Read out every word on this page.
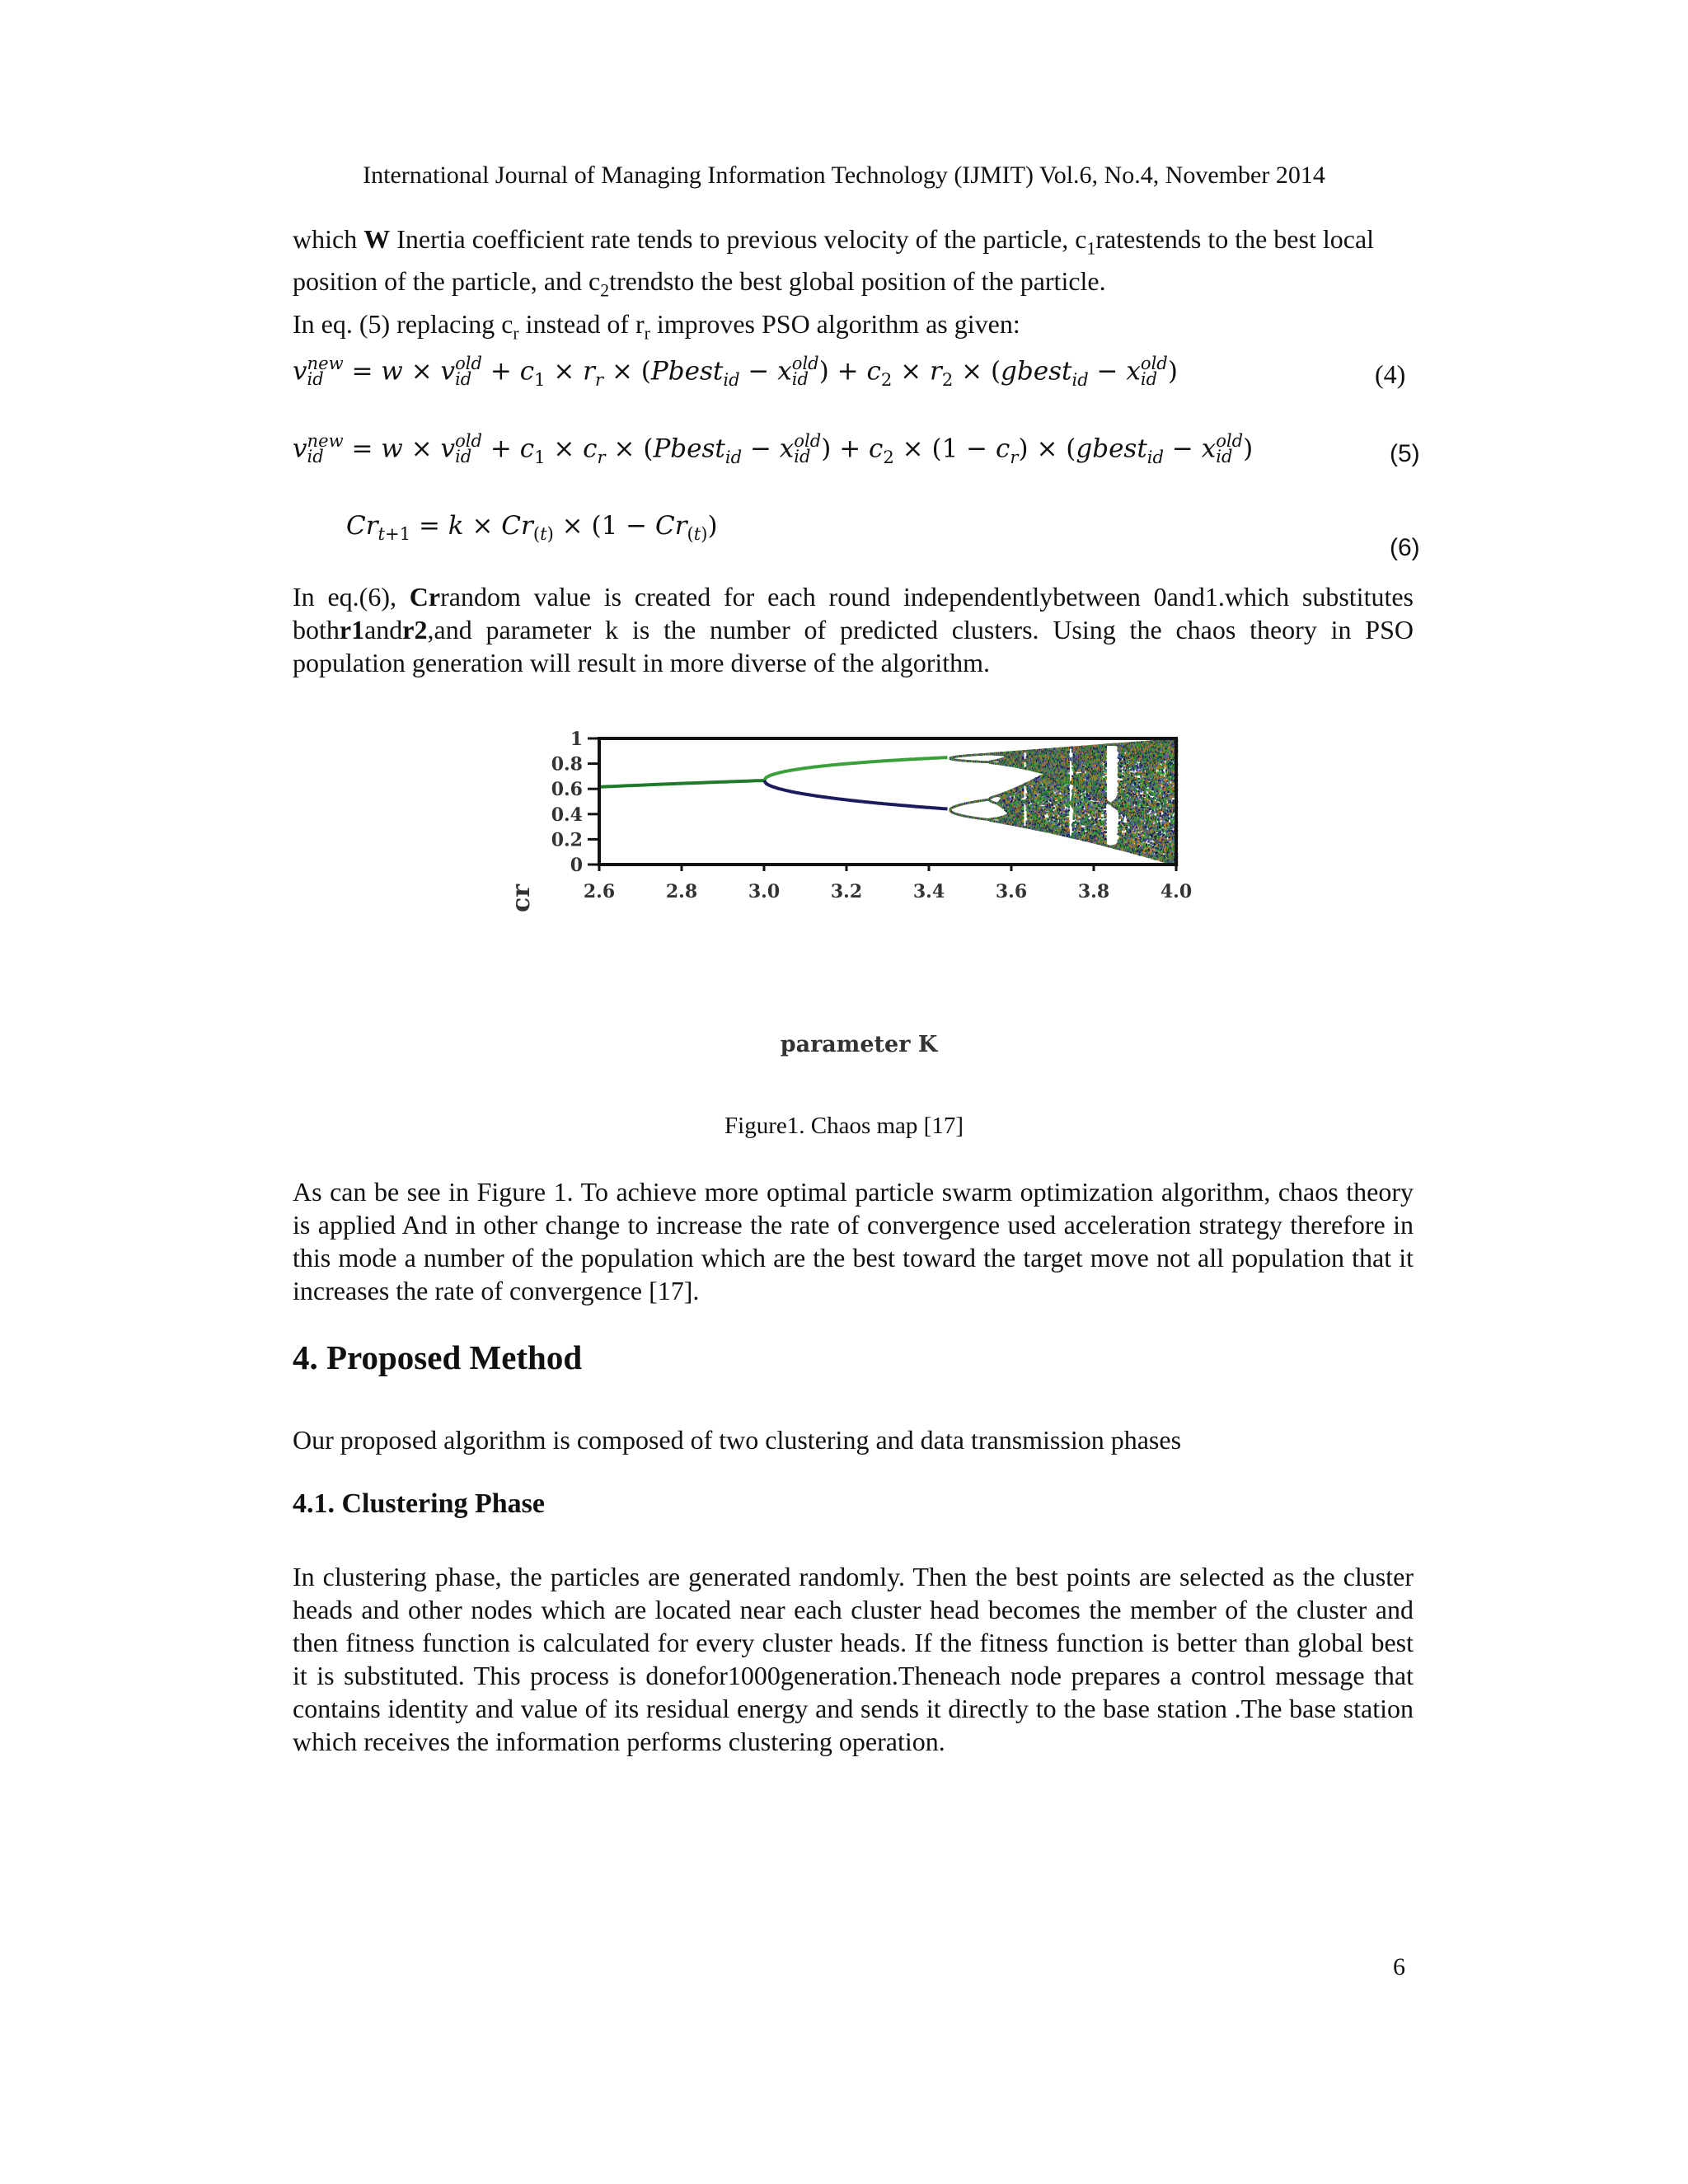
International Journal of Managing Information Technology (IJMIT) Vol.6, No.4, November 2014
which W Inertia coefficient rate tends to previous velocity of the particle, $c_1ratestends$ to the best local position of the particle, and $c_2trendsto$ the best global position of the particle.
In eq. (5) replacing $c_r$ instead of $r_r$ improves PSO algorithm as given:
v new
id	= w × v old
id + $c_1 \times r_r$ × (Pbest$_{id}$ − x old
id ) + $c_2 \times r_2$ × (gbest$_{id}$ − x old
id )	(4)
v new
id	= w × v old
id + $c_1 \times c_r$ × (Pbest$_{id}$ − x old
id ) + $c_2 \times (1 - c_r)$ × (gbest$_{id}$ − x old
id )	(5)
$Cr_{t+1} = k \times Cr_{(t)} \times (1 - Cr_{(t)})$
(6)
In eq.(6), Crrandom value is created for each round independentlybetween 0and1.which substitutes bothr1andr2,and parameter k is the number of predicted clusters. Using the chaos theory in PSO population generation will result in more diverse of the algorithm.
2.6	2.8	3.0	3.2	3.4	3.6	3.8	4.0
0
0.2
0.4
0.6
0.8
1
parameter K
cr
Figure1. Chaos map [17]
As can be see in Figure 1. To achieve more optimal particle swarm optimization algorithm, chaos theory is applied And in other change to increase the rate of convergence used acceleration strategy therefore in this mode a number of the population which are the best toward the target move not all population that it increases the rate of convergence [17].
4. Proposed Method
Our proposed algorithm is composed of two clustering and data transmission phases
4.1. Clustering Phase
In clustering phase, the particles are generated randomly. Then the best points are selected as the cluster heads and other nodes which are located near each cluster head becomes the member of the cluster and then fitness function is calculated for every cluster heads. If the fitness function is better than global best it is substituted. This process is donefor1000generation.Theneach node prepares a control message that contains identity and value of its residual energy and sends it directly to the base station .The base station which receives the information performs clustering operation.
6
